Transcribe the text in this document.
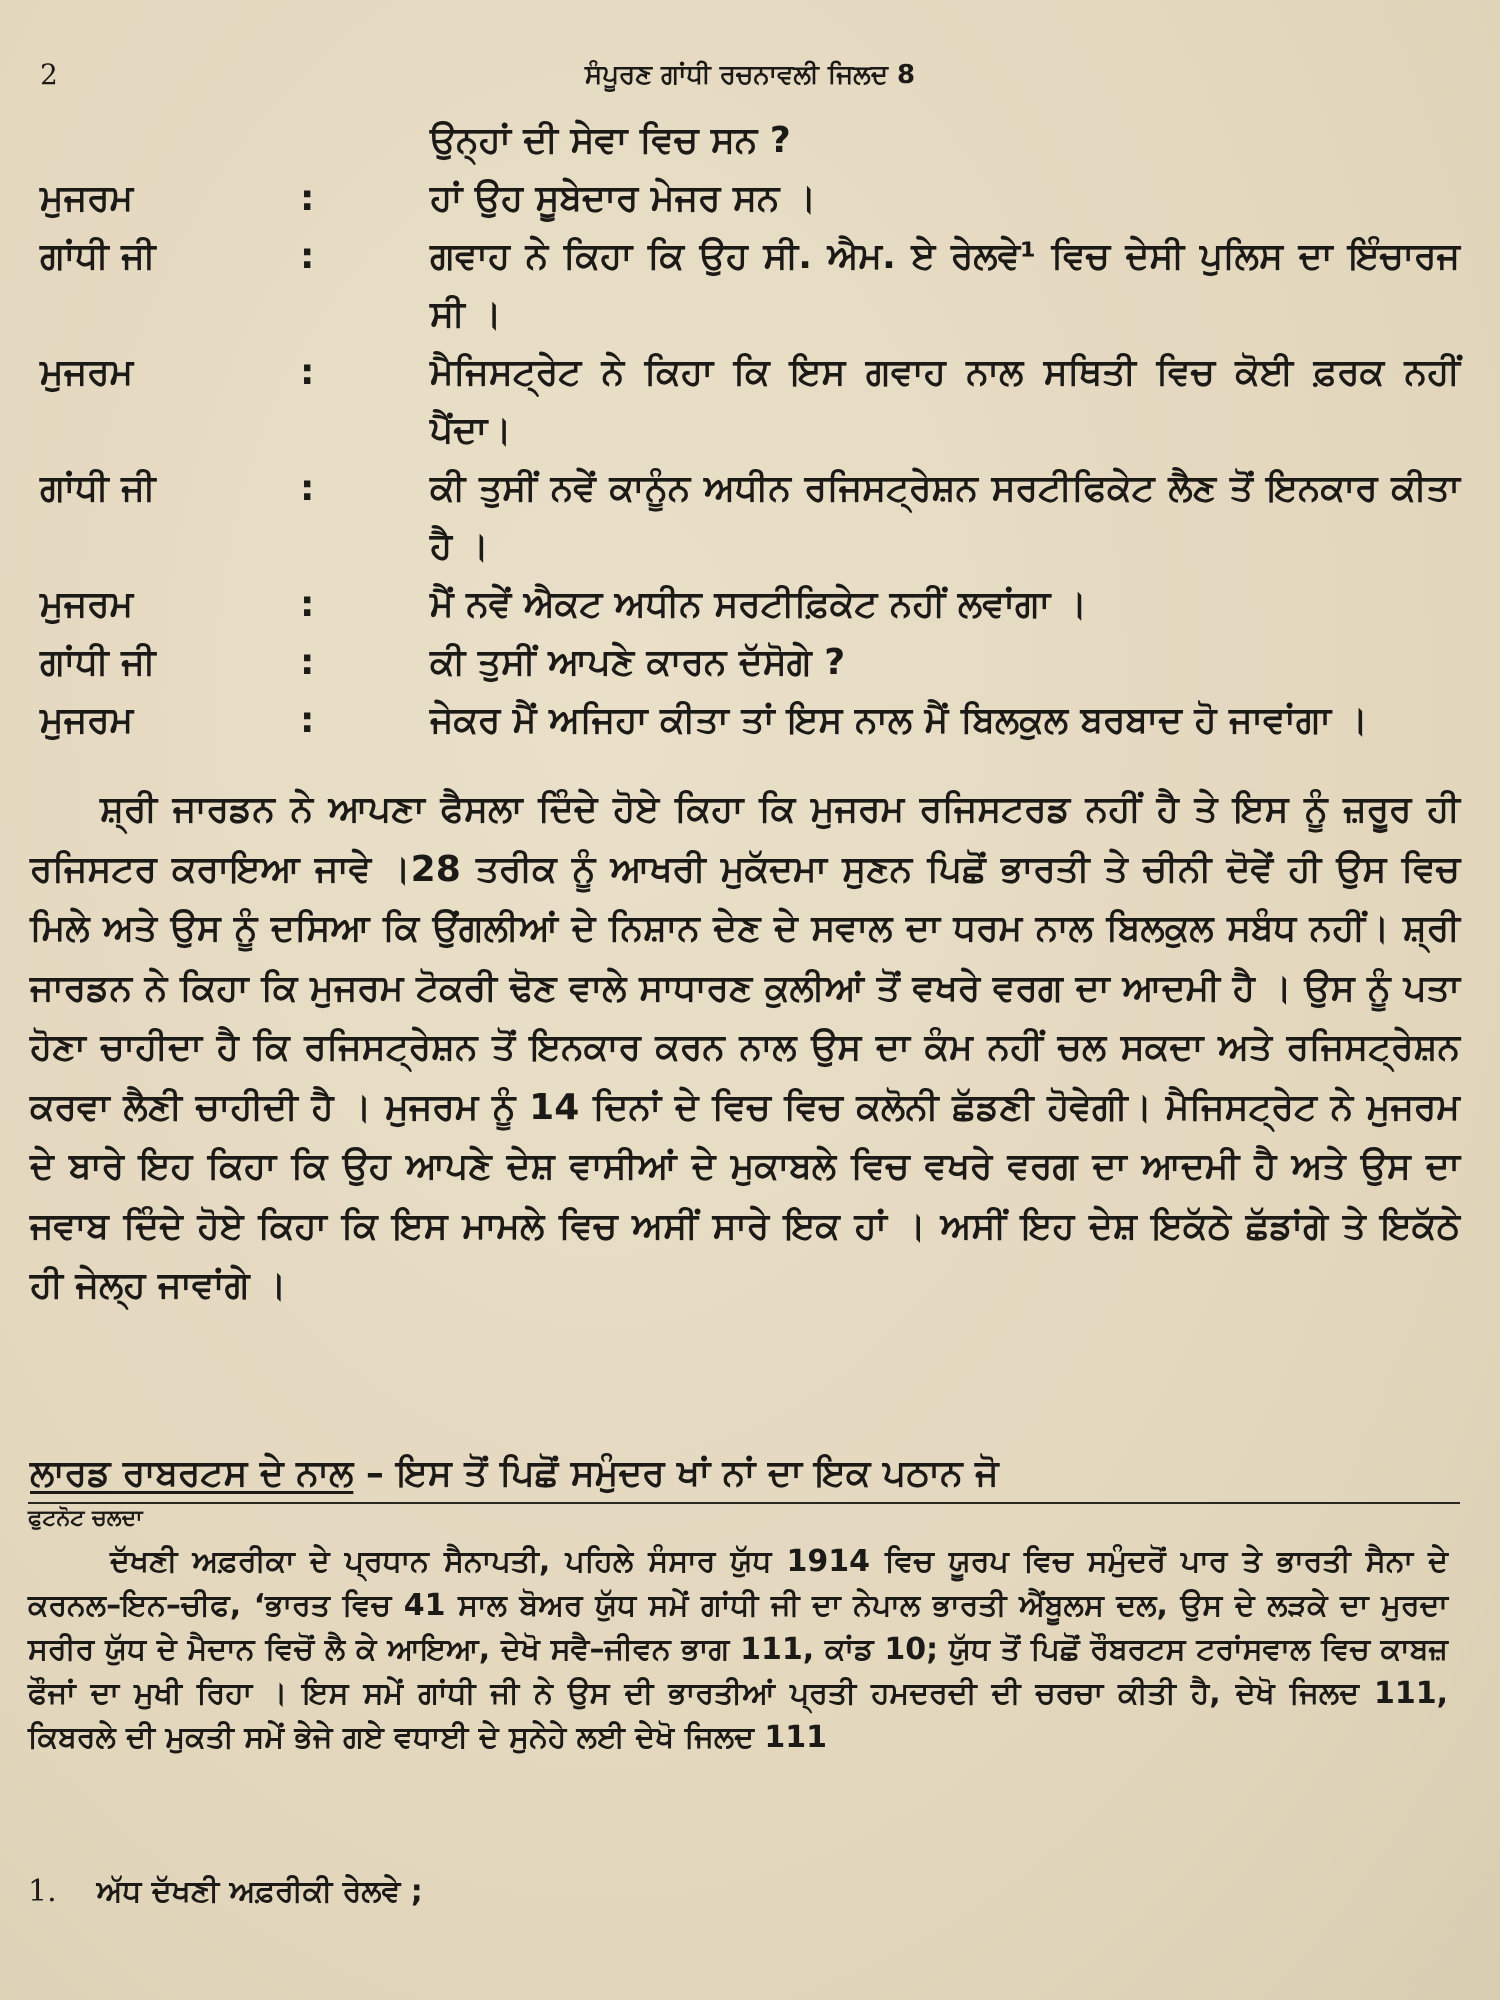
2	ਸੰਪੂਰਣ ਗਾਂਧੀ ਰਚਨਾਵਲੀ ਜਿਲਦ 8
ਉਨ੍ਹਾਂ ਦੀ ਸੇਵਾ ਵਿਚ ਸਨ ?
ਮੁਜਰਮ	:	ਹਾਂ ਉਹ ਸੂਬੇਦਾਰ ਮੇਜਰ ਸਨ ।
ਗਾਂਧੀ ਜੀ	:	ਗਵਾਹ ਨੇ ਕਿਹਾ ਕਿ ਉਹ ਸੀ. ਐਮ. ਏ ਰੇਲਵੇ¹ ਵਿਚ ਦੇਸੀ ਪੁਲਿਸ ਦਾ ਇੰਚਾਰਜ ਸੀ ।
ਮੁਜਰਮ	:	ਮੈਜਿਸਟ੍ਰੇਟ ਨੇ ਕਿਹਾ ਕਿ ਇਸ ਗਵਾਹ ਨਾਲ ਸਥਿਤੀ ਵਿਚ ਕੋਈ ਫ਼ਰਕ ਨਹੀਂ ਪੈਂਦਾ।
ਗਾਂਧੀ ਜੀ	:	ਕੀ ਤੁਸੀਂ ਨਵੇਂ ਕਾਨੂੰਨ ਅਧੀਨ ਰਜਿਸਟ੍ਰੇਸ਼ਨ ਸਰਟੀਫਿਕੇਟ ਲੈਣ ਤੋਂ ਇਨਕਾਰ ਕੀਤਾ ਹੈ ।
ਮੁਜਰਮ	:	ਮੈਂ ਨਵੇਂ ਐਕਟ ਅਧੀਨ ਸਰਟੀਫ਼ਿਕੇਟ ਨਹੀਂ ਲਵਾਂਗਾ ।
ਗਾਂਧੀ ਜੀ	:	ਕੀ ਤੁਸੀਂ ਆਪਣੇ ਕਾਰਨ ਦੱਸੋਗੇ ?
ਮੁਜਰਮ	:	ਜੇਕਰ ਮੈਂ ਅਜਿਹਾ ਕੀਤਾ ਤਾਂ ਇਸ ਨਾਲ ਮੈਂ ਬਿਲਕੁਲ ਬਰਬਾਦ ਹੋ ਜਾਵਾਂਗਾ ।
ਸ਼੍ਰੀ ਜਾਰਡਨ ਨੇ ਆਪਣਾ ਫੈਸਲਾ ਦਿੰਦੇ ਹੋਏ ਕਿਹਾ ਕਿ ਮੁਜਰਮ ਰਜਿਸਟਰਡ ਨਹੀਂ ਹੈ ਤੇ ਇਸ ਨੂੰ ਜ਼ਰੂਰ ਹੀ ਰਜਿਸਟਰ ਕਰਾਇਆ ਜਾਵੇ ।28 ਤਰੀਕ ਨੂੰ ਆਖਰੀ ਮੁਕੱਦਮਾ ਸੁਣਨ ਪਿਛੋਂ ਭਾਰਤੀ ਤੇ ਚੀਨੀ ਦੋਵੇਂ ਹੀ ਉਸ ਵਿਚ ਮਿਲੇ ਅਤੇ ਉਸ ਨੂੰ ਦਸਿਆ ਕਿ ਉਂਗਲੀਆਂ ਦੇ ਨਿਸ਼ਾਨ ਦੇਣ ਦੇ ਸਵਾਲ ਦਾ ਧਰਮ ਨਾਲ ਬਿਲਕੁਲ ਸਬੰਧ ਨਹੀਂ। ਸ਼੍ਰੀ ਜਾਰਡਨ ਨੇ ਕਿਹਾ ਕਿ ਮੁਜਰਮ ਟੋਕਰੀ ਢੋਣ ਵਾਲੇ ਸਾਧਾਰਣ ਕੁਲੀਆਂ ਤੋਂ ਵਖਰੇ ਵਰਗ ਦਾ ਆਦਮੀ ਹੈ । ਉਸ ਨੂੰ ਪਤਾ ਹੋਣਾ ਚਾਹੀਦਾ ਹੈ ਕਿ ਰਜਿਸਟ੍ਰੇਸ਼ਨ ਤੋਂ ਇਨਕਾਰ ਕਰਨ ਨਾਲ ਉਸ ਦਾ ਕੰਮ ਨਹੀਂ ਚਲ ਸਕਦਾ ਅਤੇ ਰਜਿਸਟ੍ਰੇਸ਼ਨ ਕਰਵਾ ਲੈਣੀ ਚਾਹੀਦੀ ਹੈ । ਮੁਜਰਮ ਨੂੰ 14 ਦਿਨਾਂ ਦੇ ਵਿਚ ਵਿਚ ਕਲੋਨੀ ਛੱਡਣੀ ਹੋਵੇਗੀ। ਮੈਜਿਸਟ੍ਰੇਟ ਨੇ ਮੁਜਰਮ ਦੇ ਬਾਰੇ ਇਹ ਕਿਹਾ ਕਿ ਉਹ ਆਪਣੇ ਦੇਸ਼ ਵਾਸੀਆਂ ਦੇ ਮੁਕਾਬਲੇ ਵਿਚ ਵਖਰੇ ਵਰਗ ਦਾ ਆਦਮੀ ਹੈ ਅਤੇ ਉਸ ਦਾ ਜਵਾਬ ਦਿੰਦੇ ਹੋਏ ਕਿਹਾ ਕਿ ਇਸ ਮਾਮਲੇ ਵਿਚ ਅਸੀਂ ਸਾਰੇ ਇਕ ਹਾਂ । ਅਸੀਂ ਇਹ ਦੇਸ਼ ਇਕੱਠੇ ਛੱਡਾਂਗੇ ਤੇ ਇਕੱਠੇ ਹੀ ਜੇਲ੍ਹ ਜਾਵਾਂਗੇ ।
ਲਾਰਡ ਰਾਬਰਟਸ ਦੇ ਨਾਲ – ਇਸ ਤੋਂ ਪਿਛੋਂ ਸਮੁੰਦਰ ਖਾਂ ਨਾਂ ਦਾ ਇਕ ਪਠਾਨ ਜੋ
ਫੁਟਨੋਟ ਚਲਦਾ
ਦੱਖਣੀ ਅਫ਼ਰੀਕਾ ਦੇ ਪ੍ਰਧਾਨ ਸੈਨਾਪਤੀ, ਪਹਿਲੇ ਸੰਸਾਰ ਯੁੱਧ 1914 ਵਿਚ ਯੂਰਪ ਵਿਚ ਸਮੁੰਦਰੋਂ ਪਾਰ ਤੇ ਭਾਰਤੀ ਸੈਨਾ ਦੇ ਕਰਨਲ–ਇਨ–ਚੀਫ, ‘ਭਾਰਤ ਵਿਚ 41 ਸਾਲ ਬੋਅਰ ਯੁੱਧ ਸਮੇਂ ਗਾਂਧੀ ਜੀ ਦਾ ਨੇਪਾਲ ਭਾਰਤੀ ਐਂਬੂਲਸ ਦਲ, ਉਸ ਦੇ ਲੜਕੇ ਦਾ ਮੁਰਦਾ ਸਰੀਰ ਯੁੱਧ ਦੇ ਮੈਦਾਨ ਵਿਚੋਂ ਲੈ ਕੇ ਆਇਆ, ਦੇਖੋ ਸਵੈ–ਜੀਵਨ ਭਾਗ 111, ਕਾਂਡ 10; ਯੁੱਧ ਤੋਂ ਪਿਛੋਂ ਰੌਬਰਟਸ ਟਰਾਂਸਵਾਲ ਵਿਚ ਕਾਬਜ਼ ਫੌਜਾਂ ਦਾ ਮੁਖੀ ਰਿਹਾ । ਇਸ ਸਮੇਂ ਗਾਂਧੀ ਜੀ ਨੇ ਉਸ ਦੀ ਭਾਰਤੀਆਂ ਪ੍ਰਤੀ ਹਮਦਰਦੀ ਦੀ ਚਰਚਾ ਕੀਤੀ ਹੈ, ਦੇਖੋ ਜਿਲਦ 111, ਕਿਬਰਲੇ ਦੀ ਮੁਕਤੀ ਸਮੇਂ ਭੇਜੇ ਗਏ ਵਧਾਈ ਦੇ ਸੁਨੇਹੇ ਲਈ ਦੇਖੋ ਜਿਲਦ 111
1. ਅੱਧ ਦੱਖਣੀ ਅਫ਼ਰੀਕੀ ਰੇਲਵੇ ;
